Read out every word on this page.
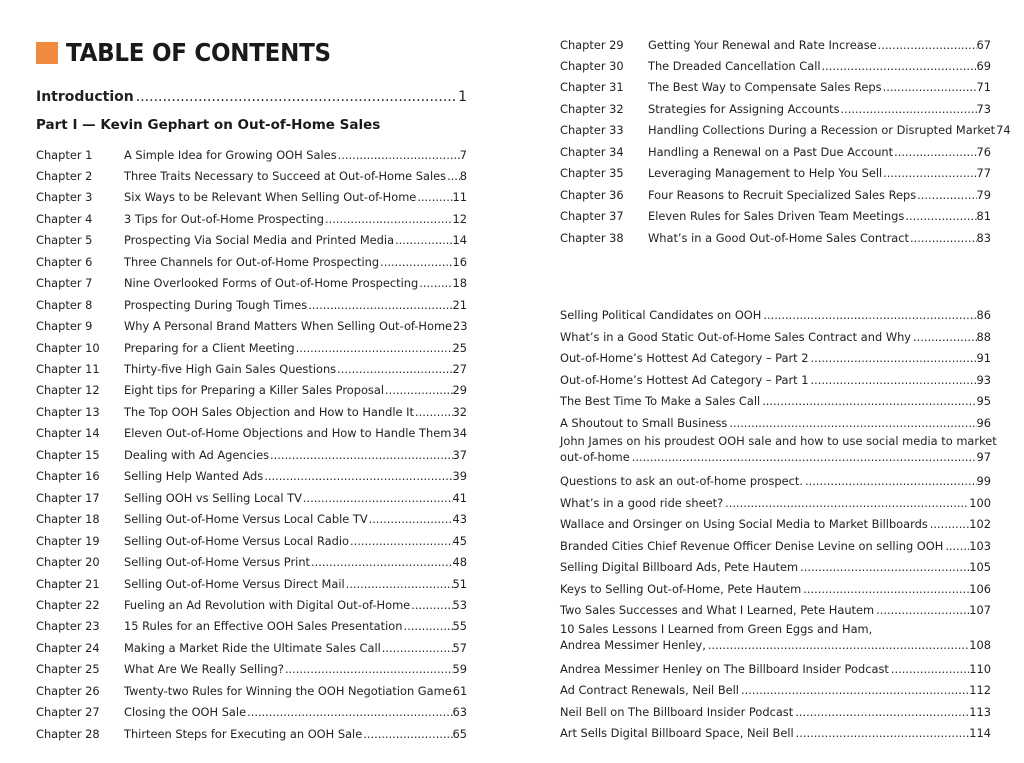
TABLE OF CONTENTS
Introduction .....	1
Part I — Kevin Gephart on Out-of-Home Sales
Chapter 1	A Simple Idea for Growing OOH Sales .....	7
Chapter 2	Three Traits Necessary to Succeed at Out-of-Home Sales ..... 8
Chapter 3	Six Ways to be Relevant When Selling Out-of-Home .....	11
Chapter 4	3 Tips for Out-of-Home Prospecting .....	12
Chapter 5	Prospecting Via Social Media and Printed Media .....	14
Chapter 6	Three Channels for Out-of-Home Prospecting .....	16
Chapter 7	Nine Overlooked Forms of Out-of-Home Prospecting .....	18
Chapter 8	Prospecting During Tough Times .....	21
Chapter 9	Why A Personal Brand Matters When Selling Out-of-Home 23
Chapter 10	Preparing for a Client Meeting .....	25
Chapter 11	Thirty-five High Gain Sales Questions .....	27
Chapter 12	Eight tips for Preparing a Killer Sales Proposal .....	29
Chapter 13	The Top OOH Sales Objection and How to Handle It .....	32
Chapter 14	Eleven Out-of-Home Objections and How to Handle Them ..... 34
Chapter 15	Dealing with Ad Agencies .....	37
Chapter 16	Selling Help Wanted Ads .....	39
Chapter 17	Selling OOH vs Selling Local TV .....	41
Chapter 18	Selling Out-of-Home Versus Local Cable TV .....	43
Chapter 19	Selling Out-of-Home Versus Local Radio .....	45
Chapter 20	Selling Out-of-Home Versus Print .....	48
Chapter 21	Selling Out-of-Home Versus Direct Mail .....	51
Chapter 22	Fueling an Ad Revolution with Digital Out-of-Home .....	53
Chapter 23	15 Rules for an Effective OOH Sales Presentation .....	55
Chapter 24	Making a Market Ride the Ultimate Sales Call .....	57
Chapter 25	What Are We Really Selling? .....	59
Chapter 26	Twenty-two Rules for Winning the OOH Negotiation Game 61
Chapter 27	Closing the OOH Sale .....	63
Chapter 28	Thirteen Steps for Executing an OOH Sale .....	65
Chapter 29	Getting Your Renewal and Rate Increase .....	67
Chapter 30	The Dreaded Cancellation Call .....	69
Chapter 31	The Best Way to Compensate Sales Reps .....	71
Chapter 32	Strategies for Assigning Accounts .....	73
Chapter 33	Handling Collections During a Recession or Disrupted Market 74
Chapter 34	Handling a Renewal on a Past Due Account .....	76
Chapter 35	Leveraging Management to Help You Sell .....	77
Chapter 36	Four Reasons to Recruit Specialized Sales Reps .....	79
Chapter 37	Eleven Rules for Sales Driven Team Meetings .....	81
Chapter 38	What’s in a Good Out-of-Home Sales Contract .....	83
Selling Political Candidates on OOH .....	86
What’s in a Good Static Out-of-Home Sales Contract and Why .....	88
Out-of-Home’s Hottest Ad Category – Part 2 .....	91
Out-of-Home’s Hottest Ad Category – Part 1 .....	93
The Best Time To Make a Sales Call .....	95
A Shoutout to Small Business .....	96
John James on his proudest OOH sale and how to use social media to market
out-of-home .....	97
Questions to ask an out-of-home prospect. .....	99
What’s in a good ride sheet? .....	100
Wallace and Orsinger on Using Social Media to Market Billboards .....	102
Branded Cities Chief Revenue Officer Denise Levine on selling OOH ..... 103
Selling Digital Billboard Ads, Pete Hautem .....	105
Keys to Selling Out-of-Home, Pete Hautem .....	106
Two Sales Successes and What I Learned, Pete Hautem .....	107
10 Sales Lessons I Learned from Green Eggs and Ham,
Andrea Messimer Henley, .....	108
Andrea Messimer Henley on The Billboard Insider Podcast .....	110
Ad Contract Renewals, Neil Bell .....	112
Neil Bell on The Billboard Insider Podcast .....	113
Art Sells Digital Billboard Space, Neil Bell .....	114
